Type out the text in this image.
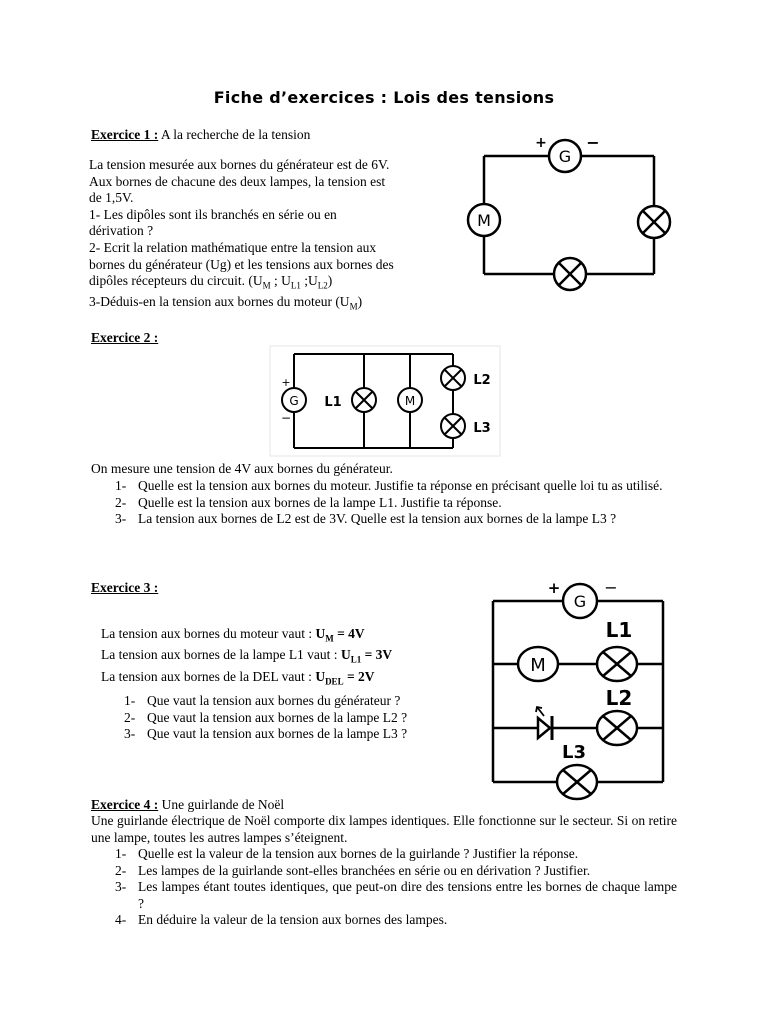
Fiche d’exercices : Lois des tensions
Exercice 1 : A la recherche de la tension

La tension mesurée aux bornes du générateur est de 6V.

Aux bornes de chacune des deux lampes, la tension est

de 1,5V.

1- Les dipôles sont ils branchés en série ou en

dérivation ?

2- Ecrit la relation mathématique entre la tension aux

bornes du générateur (Ug) et les tensions aux bornes des

dipôles récepteurs du circuit. ($U_M$ ; $U_{L1}$ $;U_{L2}$)

3-Déduis-en la tension aux bornes du moteur $(U_M)$

G
+ −
M
Exercice 2 :
G
+
−
L1	M
L2
L3
On mesure une tension de 4V aux bornes du générateur.
1- Quelle est la tension aux bornes du moteur. Justifie ta réponse en précisant quelle loi tu as utilisé.
2- Quelle est la tension aux bornes de la lampe L1. Justifie ta réponse.
3- La tension aux bornes de L2 est de 3V. Quelle est la tension aux bornes de la lampe L3 ?
Exercice 3 :

La tension aux bornes du moteur vaut : $U_M = 4V$

La tension aux bornes de la lampe L1 vaut : $U_{L1} = 3V$

La tension aux bornes de la DEL vaut : $U_{DEL} = 2V$

1- Que vaut la tension aux bornes du générateur ?
2- Que vaut la tension aux bornes de la lampe L2 ?
3- Que vaut la tension aux bornes de la lampe L3 ?
G
+	−
M
L1
L2
L3
Exercice 4 : Une guirlande de Noël
Une guirlande électrique de Noël comporte dix lampes identiques. Elle fonctionne sur le secteur. Si on retire une lampe, toutes les autres lampes s’éteignent.
1- Quelle est la valeur de la tension aux bornes de la guirlande ? Justifier la réponse.
2- Les lampes de la guirlande sont-elles branchées en série ou en dérivation ? Justifier.
3- Les lampes étant toutes identiques, que peut-on dire des tensions entre les bornes de chaque lampe ?
4- En déduire la valeur de la tension aux bornes des lampes.
